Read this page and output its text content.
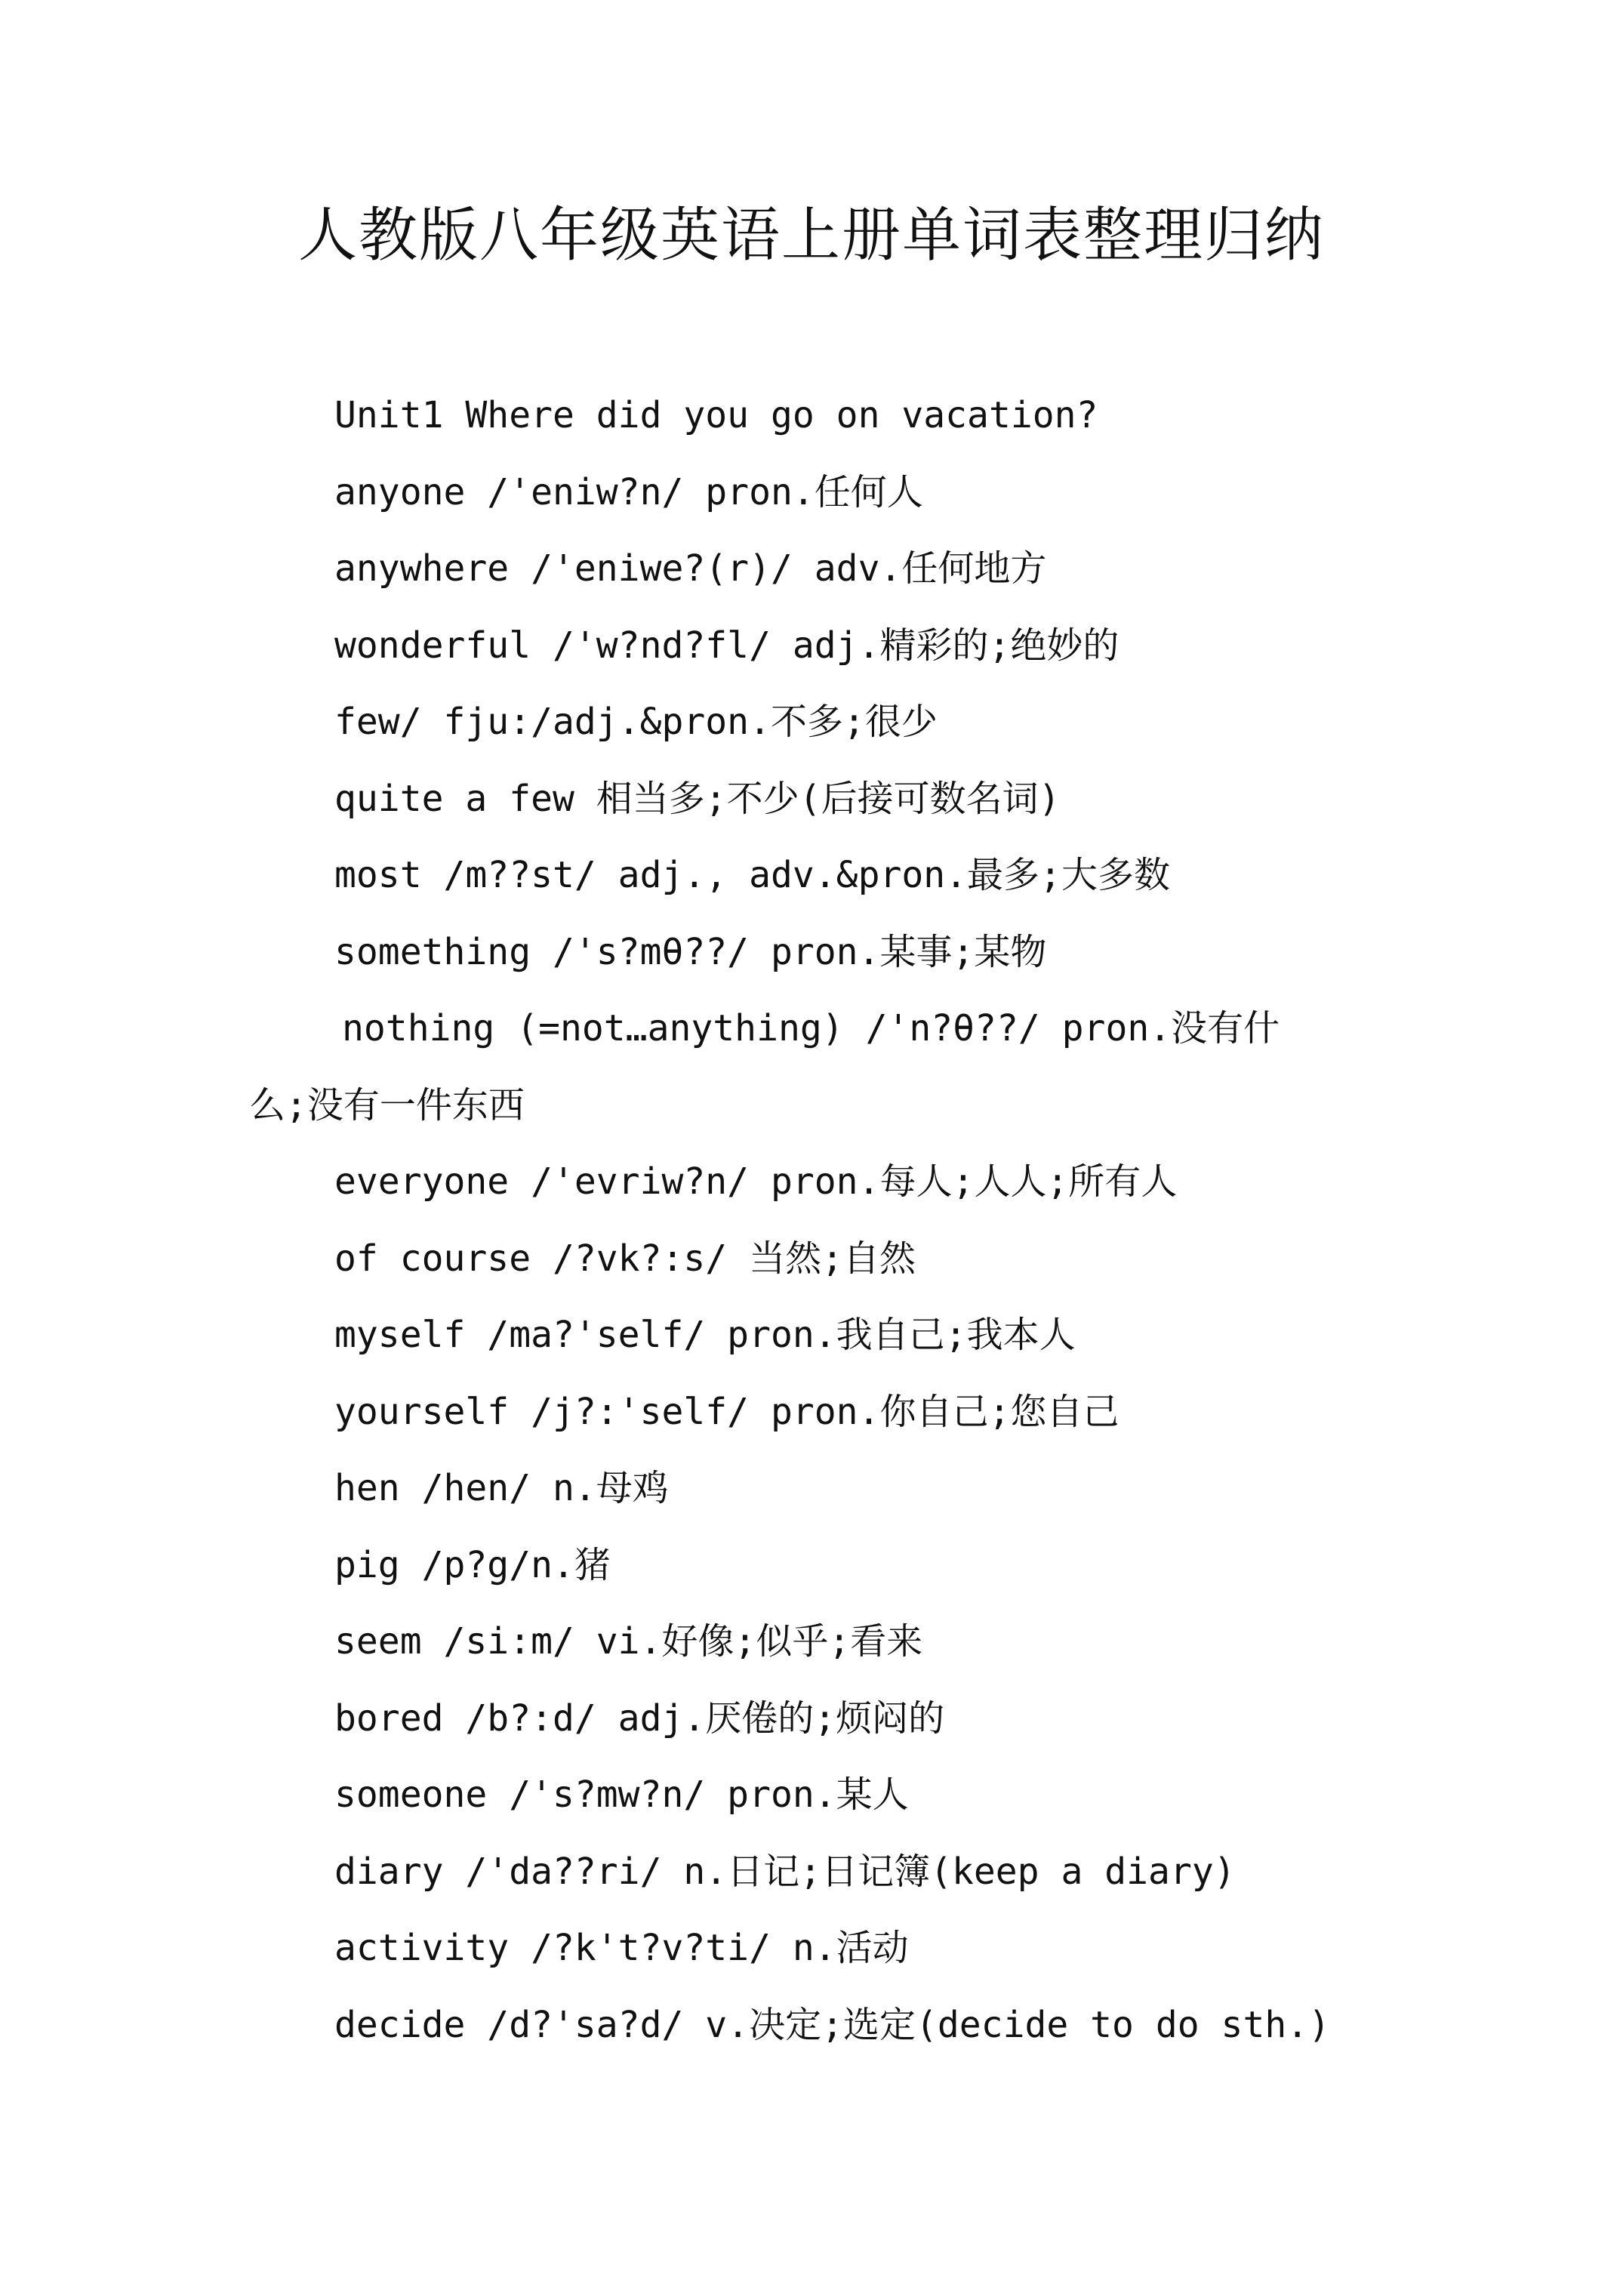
人教版八年级英语上册单词表整理归纳
Unit1 Where did you go on vacation?
anyone /'eniw?n/ pron.任何人
anywhere /'eniwe?(r)/ adv.任何地方
wonderful /'w?nd?fl/ adj.精彩的;绝妙的
few/ fju:/adj.&pron.不多;很少
quite a few 相当多;不少(后接可数名词)
most /m??st/ adj., adv.&pron.最多;大多数
something /'s?mθ??/ pron.某事;某物
nothing (=not…anything) /'n?θ??/ pron.没有什
么;没有一件东西
everyone /'evriw?n/ pron.每人;人人;所有人
of course /?vk?:s/ 当然;自然
myself /ma?'self/ pron.我自己;我本人
yourself /j?:'self/ pron.你自己;您自己
hen /hen/ n.母鸡
pig /p?g/n.猪
seem /si:m/ vi.好像;似乎;看来
bored /b?:d/ adj.厌倦的;烦闷的
someone /'s?mw?n/ pron.某人
diary /'da??ri/ n.日记;日记簿(keep a diary)
activity /?k't?v?ti/ n.活动
decide /d?'sa?d/ v.决定;选定(decide to do sth.)
